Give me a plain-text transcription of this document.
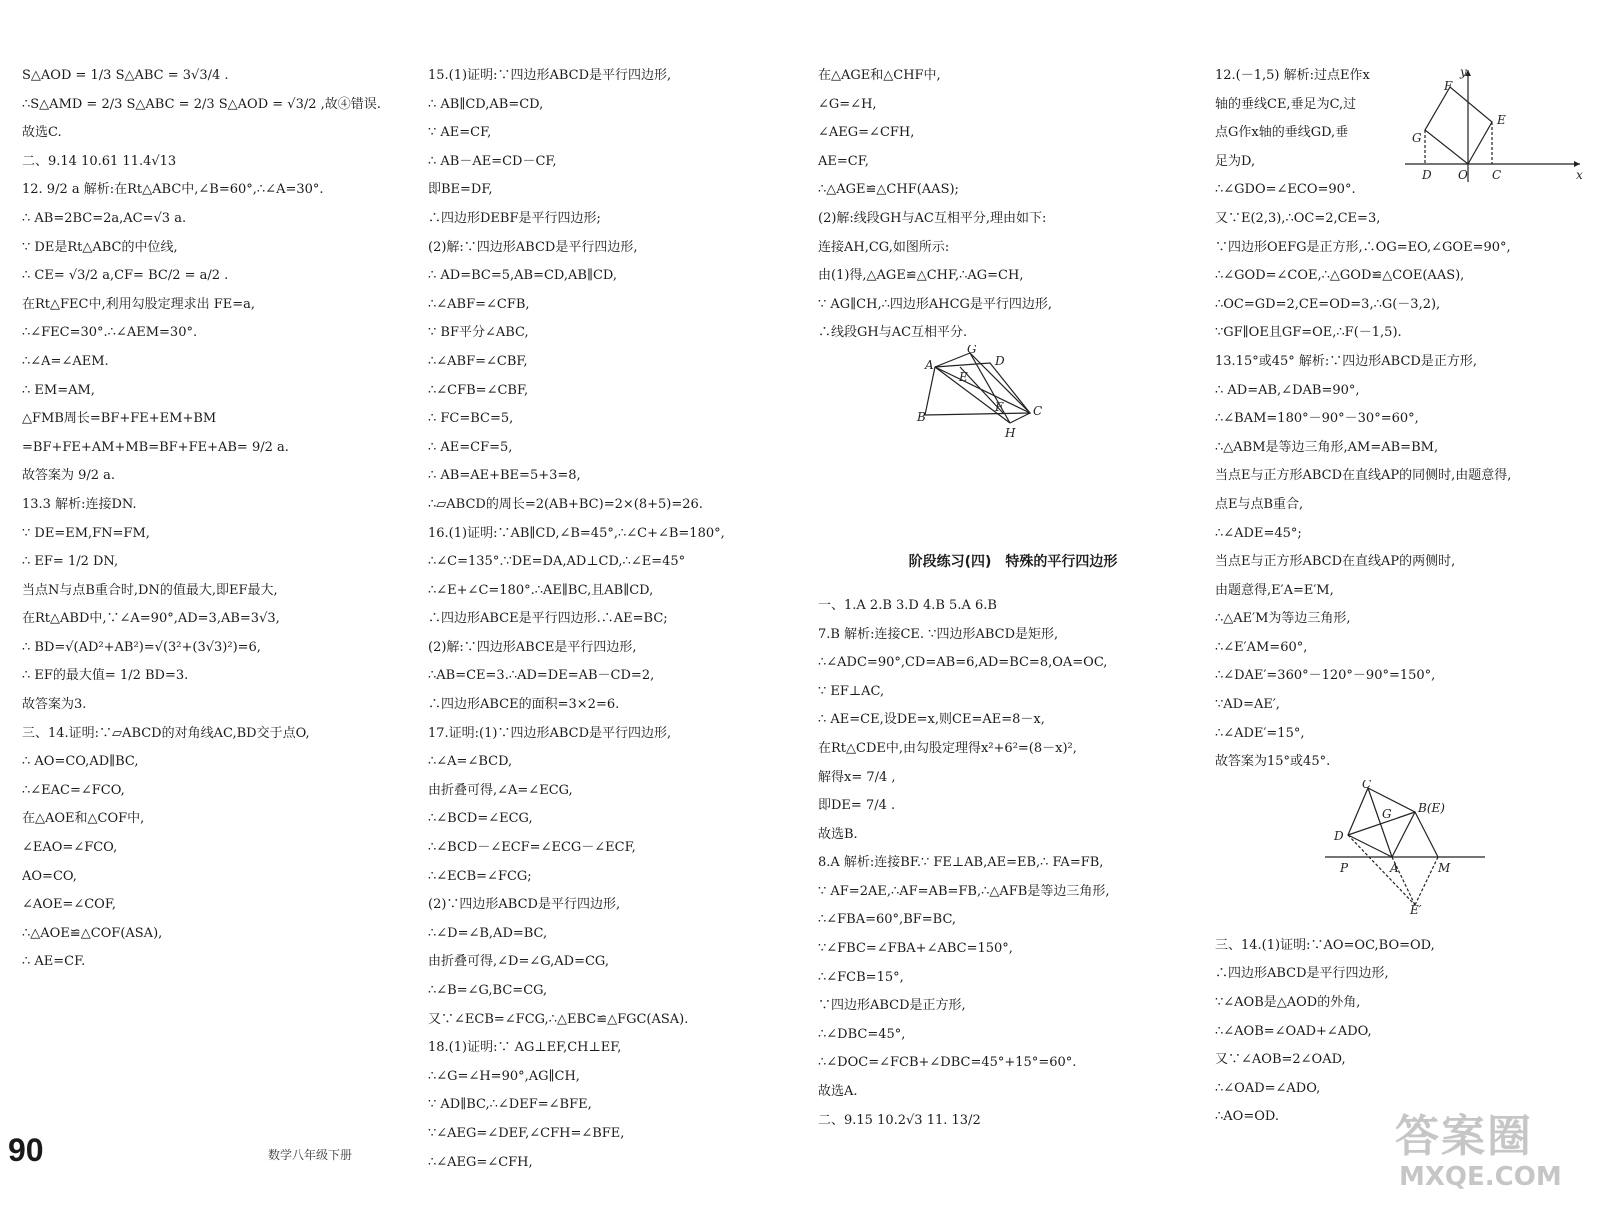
S△AOD = 1/3 S△ABC = 3√3/4 .
∴S△AMD = 2/3 S△ABC = 2/3 S△AOD = √3/2 ,故④错误.
故选C.
二、9.14 10.61 11.4√13
12. 9/2 a 解析:在Rt△ABC中,∠B=60°,∴∠A=30°.
∴ AB=2BC=2a,AC=√3 a.
∵ DE是Rt△ABC的中位线,
∴ CE= √3/2 a,CF= BC/2 = a/2 .
在Rt△FEC中,利用勾股定理求出 FE=a,
∴∠FEC=30°.∴∠AEM=30°.
∴∠A=∠AEM.
∴ EM=AM,
△FMB周长=BF+FE+EM+BM
=BF+FE+AM+MB=BF+FE+AB= 9/2 a.
故答案为 9/2 a.
13.3 解析:连接DN.
∵ DE=EM,FN=FM,
∴ EF= 1/2 DN,
当点N与点B重合时,DN的值最大,即EF最大,
在Rt△ABD中,∵∠A=90°,AD=3,AB=3√3,
∴ BD=√(AD²+AB²)=√(3²+(3√3)²)=6,
∴ EF的最大值= 1/2 BD=3.
故答案为3.
三、14.证明:∵▱ABCD的对角线AC,BD交于点O,
∴ AO=CO,AD∥BC,
∴∠EAC=∠FCO,
在△AOE和△COF中,
∠EAO=∠FCO,
AO=CO,
∠AOE=∠COF,
∴△AOE≌△COF(ASA),
∴ AE=CF.
15.(1)证明:∵四边形ABCD是平行四边形,
∴ AB∥CD,AB=CD,
∵ AE=CF,
∴ AB－AE=CD－CF,
即BE=DF,
∴四边形DEBF是平行四边形;
(2)解:∵四边形ABCD是平行四边形,
∴ AD=BC=5,AB=CD,AB∥CD,
∴∠ABF=∠CFB,
∵ BF平分∠ABC,
∴∠ABF=∠CBF,
∴∠CFB=∠CBF,
∴ FC=BC=5,
∴ AE=CF=5,
∴ AB=AE+BE=5+3=8,
∴▱ABCD的周长=2(AB+BC)=2×(8+5)=26.
16.(1)证明:∵AB∥CD,∠B=45°,∴∠C+∠B=180°,
∴∠C=135°.∵DE=DA,AD⊥CD,∴∠E=45°
∴∠E+∠C=180°.∴AE∥BC,且AB∥CD,
∴四边形ABCE是平行四边形.∴AE=BC;
(2)解:∵四边形ABCE是平行四边形,
∴AB=CE=3.∴AD=DE=AB－CD=2,
∴四边形ABCE的面积=3×2=6.
17.证明:(1)∵四边形ABCD是平行四边形,
∴∠A=∠BCD,
由折叠可得,∠A=∠ECG,
∴∠BCD=∠ECG,
∴∠BCD－∠ECF=∠ECG－∠ECF,
∴∠ECB=∠FCG;
(2)∵四边形ABCD是平行四边形,
∴∠D=∠B,AD=BC,
由折叠可得,∠D=∠G,AD=CG,
∴∠B=∠G,BC=CG,
又∵∠ECB=∠FCG,∴△EBC≌△FGC(ASA).
18.(1)证明:∵ AG⊥EF,CH⊥EF,
∴∠G=∠H=90°,AG∥CH,
∵ AD∥BC,∴∠DEF=∠BFE,
∵∠AEG=∠DEF,∠CFH=∠BFE,
∴∠AEG=∠CFH,
在△AGE和△CHF中,
∠G=∠H,
∠AEG=∠CFH,
AE=CF,
∴△AGE≌△CHF(AAS);
(2)解:线段GH与AC互相平分,理由如下:
连接AH,CG,如图所示:
由(1)得,△AGE≌△CHF,∴AG=CH,
∵ AG∥CH,∴四边形AHCG是平行四边形,
∴线段GH与AC互相平分.
阶段练习(四)　特殊的平行四边形
一、1.A 2.B 3.D 4.B 5.A 6.B
7.B 解析:连接CE. ∵四边形ABCD是矩形,
∴∠ADC=90°,CD=AB=6,AD=BC=8,OA=OC,
∵ EF⊥AC,
∴ AE=CE,设DE=x,则CE=AE=8－x,
在Rt△CDE中,由勾股定理得x²+6²=(8－x)²,
解得x= 7/4 ,
即DE= 7/4 .
故选B.
8.A 解析:连接BF.∵ FE⊥AB,AE=EB,∴ FA=FB,
∵ AF=2AE,∴AF=AB=FB,∴△AFB是等边三角形,
∴∠FBA=60°,BF=BC,
∵∠FBC=∠FBA+∠ABC=150°,
∴∠FCB=15°,
∵四边形ABCD是正方形,
∴∠DBC=45°,
∴∠DOC=∠FCB+∠DBC=45°+15°=60°.
故选A.
二、9.15 10.2√3 11. 13/2
12.(－1,5) 解析:过点E作x
轴的垂线CE,垂足为C,过
点G作x轴的垂线GD,垂
足为D,
∴∠GDO=∠ECO=90°.
又∵E(2,3),∴OC=2,CE=3,
∵四边形OEFG是正方形,∴OG=EO,∠GOE=90°,
∴∠GOD=∠COE,∴△GOD≌△COE(AAS),
∴OC=GD=2,CE=OD=3,∴G(－3,2),
∵GF∥OE且GF=OE,∴F(－1,5).
13.15°或45° 解析:∵四边形ABCD是正方形,
∴ AD=AB,∠DAB=90°,
∴∠BAM=180°－90°－30°=60°,
∴△ABM是等边三角形,AM=AB=BM,
当点E与正方形ABCD在直线AP的同侧时,由题意得,
点E与点B重合,
∴∠ADE=45°;
当点E与正方形ABCD在直线AP的两侧时,
由题意得,E′A=E′M,
∴△AE′M为等边三角形,
∴∠E′AM=60°,
∴∠DAE′=360°－120°－90°=150°,
∵AD=AE′,
∴∠ADE′=15°,
故答案为15°或45°.
三、14.(1)证明:∵AO=OC,BO=OD,
∴四边形ABCD是平行四边形,
∵∠AOB是△AOD的外角,
∴∠AOB=∠OAD+∠ADO,
又∵∠AOB=2∠OAD,
∴∠OAD=∠ADO,
∴AO=OD.
A
G
D
B
E
F C
H
y
F
E
G
D O C	x
C
B(E)
G
D
P	A	M
E′
90	数学八年级下册	答案圈
MXQE.COM
